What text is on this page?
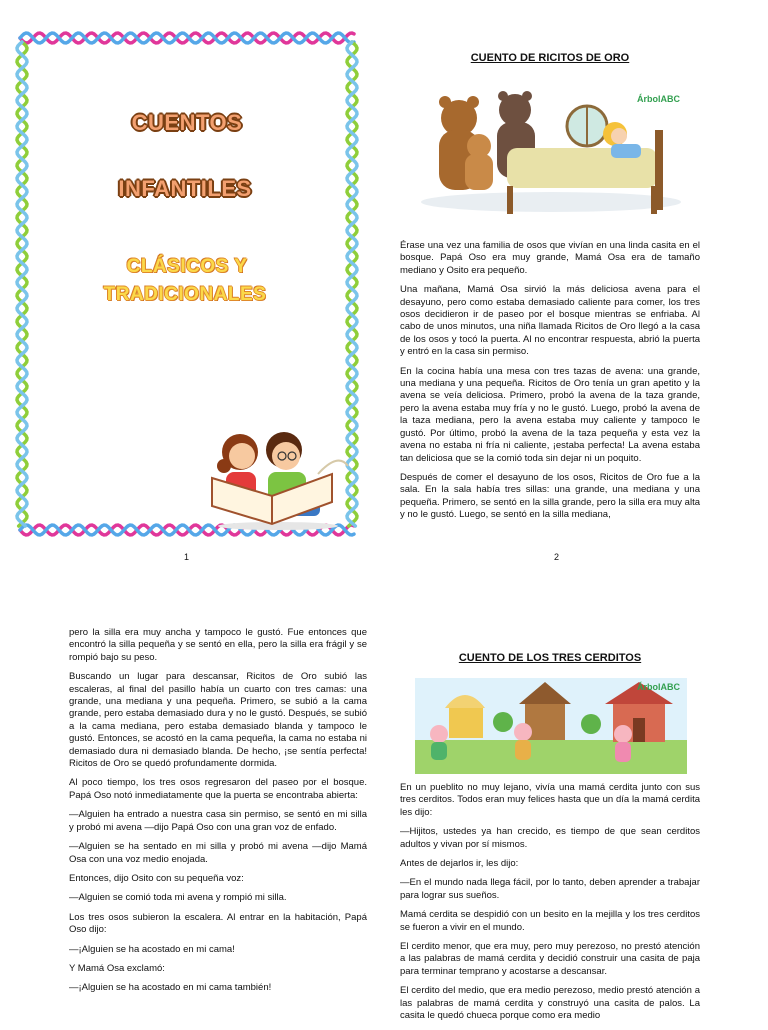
CUENTOS
INFANTILES
CLÁSICOS Y
TRADICIONALES
1
CUENTO DE RICITOS DE ORO
ÁrbolABC

Érase una vez una familia de osos que vivían en una linda casita en el bosque. Papá Oso era muy grande, Mamá Osa era de tamaño mediano y Osito era pequeño.

Una mañana, Mamá Osa sirvió la más deliciosa avena para el desayuno, pero como estaba demasiado caliente para comer, los tres osos decidieron ir de paseo por el bosque mientras se enfriaba. Al cabo de unos minutos, una niña llamada Ricitos de Oro llegó a la casa de los osos y tocó la puerta. Al no encontrar respuesta, abrió la puerta y entró en la casa sin permiso.

En la cocina había una mesa con tres tazas de avena: una grande, una mediana y una pequeña. Ricitos de Oro tenía un gran apetito y la avena se veía deliciosa. Primero, probó la avena de la taza grande, pero la avena estaba muy fría y no le gustó. Luego, probó la avena de la taza mediana, pero la avena estaba muy caliente y tampoco le gustó. Por último, probó la avena de la taza pequeña y esta vez la avena no estaba ni fría ni caliente, ¡estaba perfecta! La avena estaba tan deliciosa que se la comió toda sin dejar ni un poquito.

Después de comer el desayuno de los osos, Ricitos de Oro fue a la sala. En la sala había tres sillas: una grande, una mediana y una pequeña. Primero, se sentó en la silla grande, pero la silla era muy alta y no le gustó. Luego, se sentó en la silla mediana,

2

pero la silla era muy ancha y tampoco le gustó. Fue entonces que encontró la silla pequeña y se sentó en ella, pero la silla era frágil y se rompió bajo su peso.

Buscando un lugar para descansar, Ricitos de Oro subió las escaleras, al final del pasillo había un cuarto con tres camas: una grande, una mediana y una pequeña. Primero, se subió a la cama grande, pero estaba demasiado dura y no le gustó. Después, se subió a la cama mediana, pero estaba demasiado blanda y tampoco le gustó. Entonces, se acostó en la cama pequeña, la cama no estaba ni demasiado dura ni demasiado blanda. De hecho, ¡se sentía perfecta! Ricitos de Oro se quedó profundamente dormida.

Al poco tiempo, los tres osos regresaron del paseo por el bosque. Papá Oso notó inmediatamente que la puerta se encontraba abierta:

—Alguien ha entrado a nuestra casa sin permiso, se sentó en mi silla y probó mi avena —dijo Papá Oso con una gran voz de enfado.

—Alguien se ha sentado en mi silla y probó mi avena —dijo Mamá Osa con una voz medio enojada.

Entonces, dijo Osito con su pequeña voz:

—Alguien se comió toda mi avena y rompió mi silla.

Los tres osos subieron la escalera. Al entrar en la habitación, Papá Oso dijo:

—¡Alguien se ha acostado en mi cama!

Y Mamá Osa exclamó:

—¡Alguien se ha acostado en mi cama también!

CUENTO DE LOS TRES CERDITOS
ÁrbolABC

En un pueblito no muy lejano, vivía una mamá cerdita junto con sus tres cerditos. Todos eran muy felices hasta que un día la mamá cerdita les dijo:

—Hijitos, ustedes ya han crecido, es tiempo de que sean cerditos adultos y vivan por sí mismos.

Antes de dejarlos ir, les dijo:

—En el mundo nada llega fácil, por lo tanto, deben aprender a trabajar para lograr sus sueños.

Mamá cerdita se despidió con un besito en la mejilla y los tres cerditos se fueron a vivir en el mundo.

El cerdito menor, que era muy, pero muy perezoso, no prestó atención a las palabras de mamá cerdita y decidió construir una casita de paja para terminar temprano y acostarse a descansar.

El cerdito del medio, que era medio perezoso, medio prestó atención a las palabras de mamá cerdita y construyó una casita de palos. La casita le quedó chueca porque como era medio
